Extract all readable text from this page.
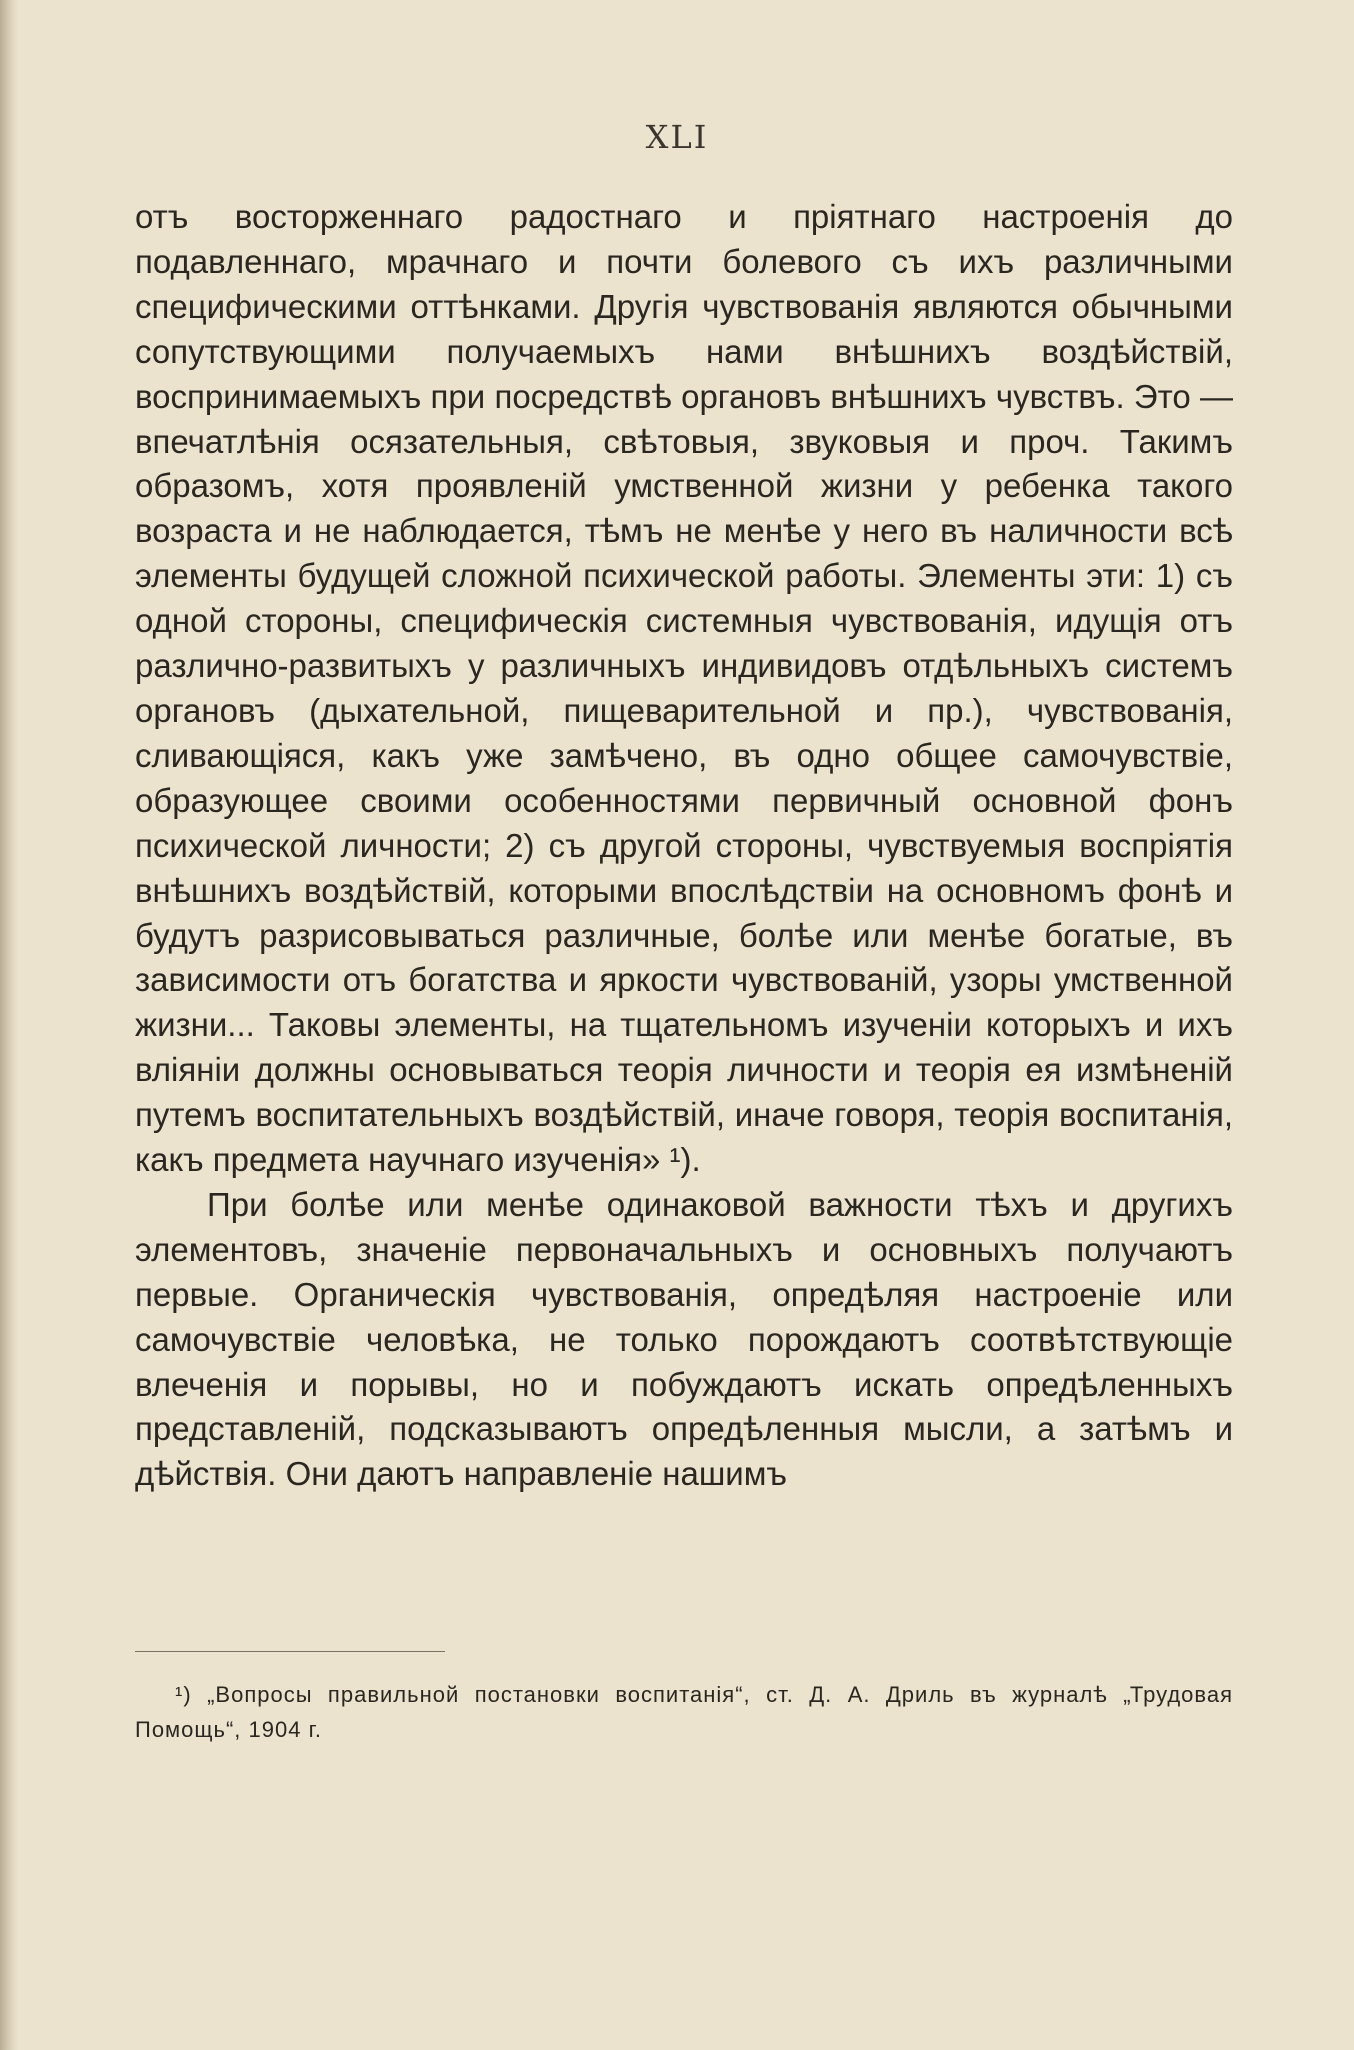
XLI

отъ восторженнаго радостнаго и пріятнаго настроенія до подавленнаго, мрачнаго и почти болевого съ ихъ различными специфическими оттѣнками. Другія чувствованія являются обычными сопутствующими получаемыхъ нами внѣшнихъ воздѣйствій, воспринимаемыхъ при посредствѣ органовъ внѣшнихъ чувствъ. Это — впечатлѣнія осязательныя, свѣтовыя, звуковыя и проч. Такимъ образомъ, хотя проявленій умственной жизни у ребенка такого возраста и не наблюдается, тѣмъ не менѣе у него въ наличности всѣ элементы будущей сложной психической работы. Элементы эти: 1) съ одной стороны, специфическія системныя чувствованія, идущія отъ различно-развитыхъ у различныхъ индивидовъ отдѣльныхъ системъ органовъ (дыхательной, пищеварительной и пр.), чувствованія, сливающіяся, какъ уже замѣчено, въ одно общее самочувствіе, образующее своими особенностями первичный основной фонъ психической личности; 2) съ другой стороны, чувствуемыя воспріятія внѣшнихъ воздѣйствій, которыми впослѣдствіи на основномъ фонѣ и будутъ разрисовываться различные, болѣе или менѣе богатые, въ зависимости отъ богатства и яркости чувствованій, узоры умственной жизни... Таковы элементы, на тщательномъ изученіи которыхъ и ихъ вліяніи должны основываться теорія личности и теорія ея измѣненій путемъ воспитательныхъ воздѣйствій, иначе говоря, теорія воспитанія, какъ предмета научнаго изученія» ¹).

При болѣе или менѣе одинаковой важности тѣхъ и другихъ элементовъ, значеніе первоначальныхъ и основныхъ получаютъ первые. Органическія чувствованія, опредѣляя настроеніе или самочувствіе человѣка, не только порождаютъ соотвѣтствующіе влеченія и порывы, но и побуждаютъ искать опредѣленныхъ представленій, подсказываютъ опредѣленныя мысли, а затѣмъ и дѣйствія. Они даютъ направленіе нашимъ

¹) „Вопросы правильной постановки воспитанія“, ст. Д. А. Дриль въ журналѣ „Трудовая Помощь“, 1904 г.
